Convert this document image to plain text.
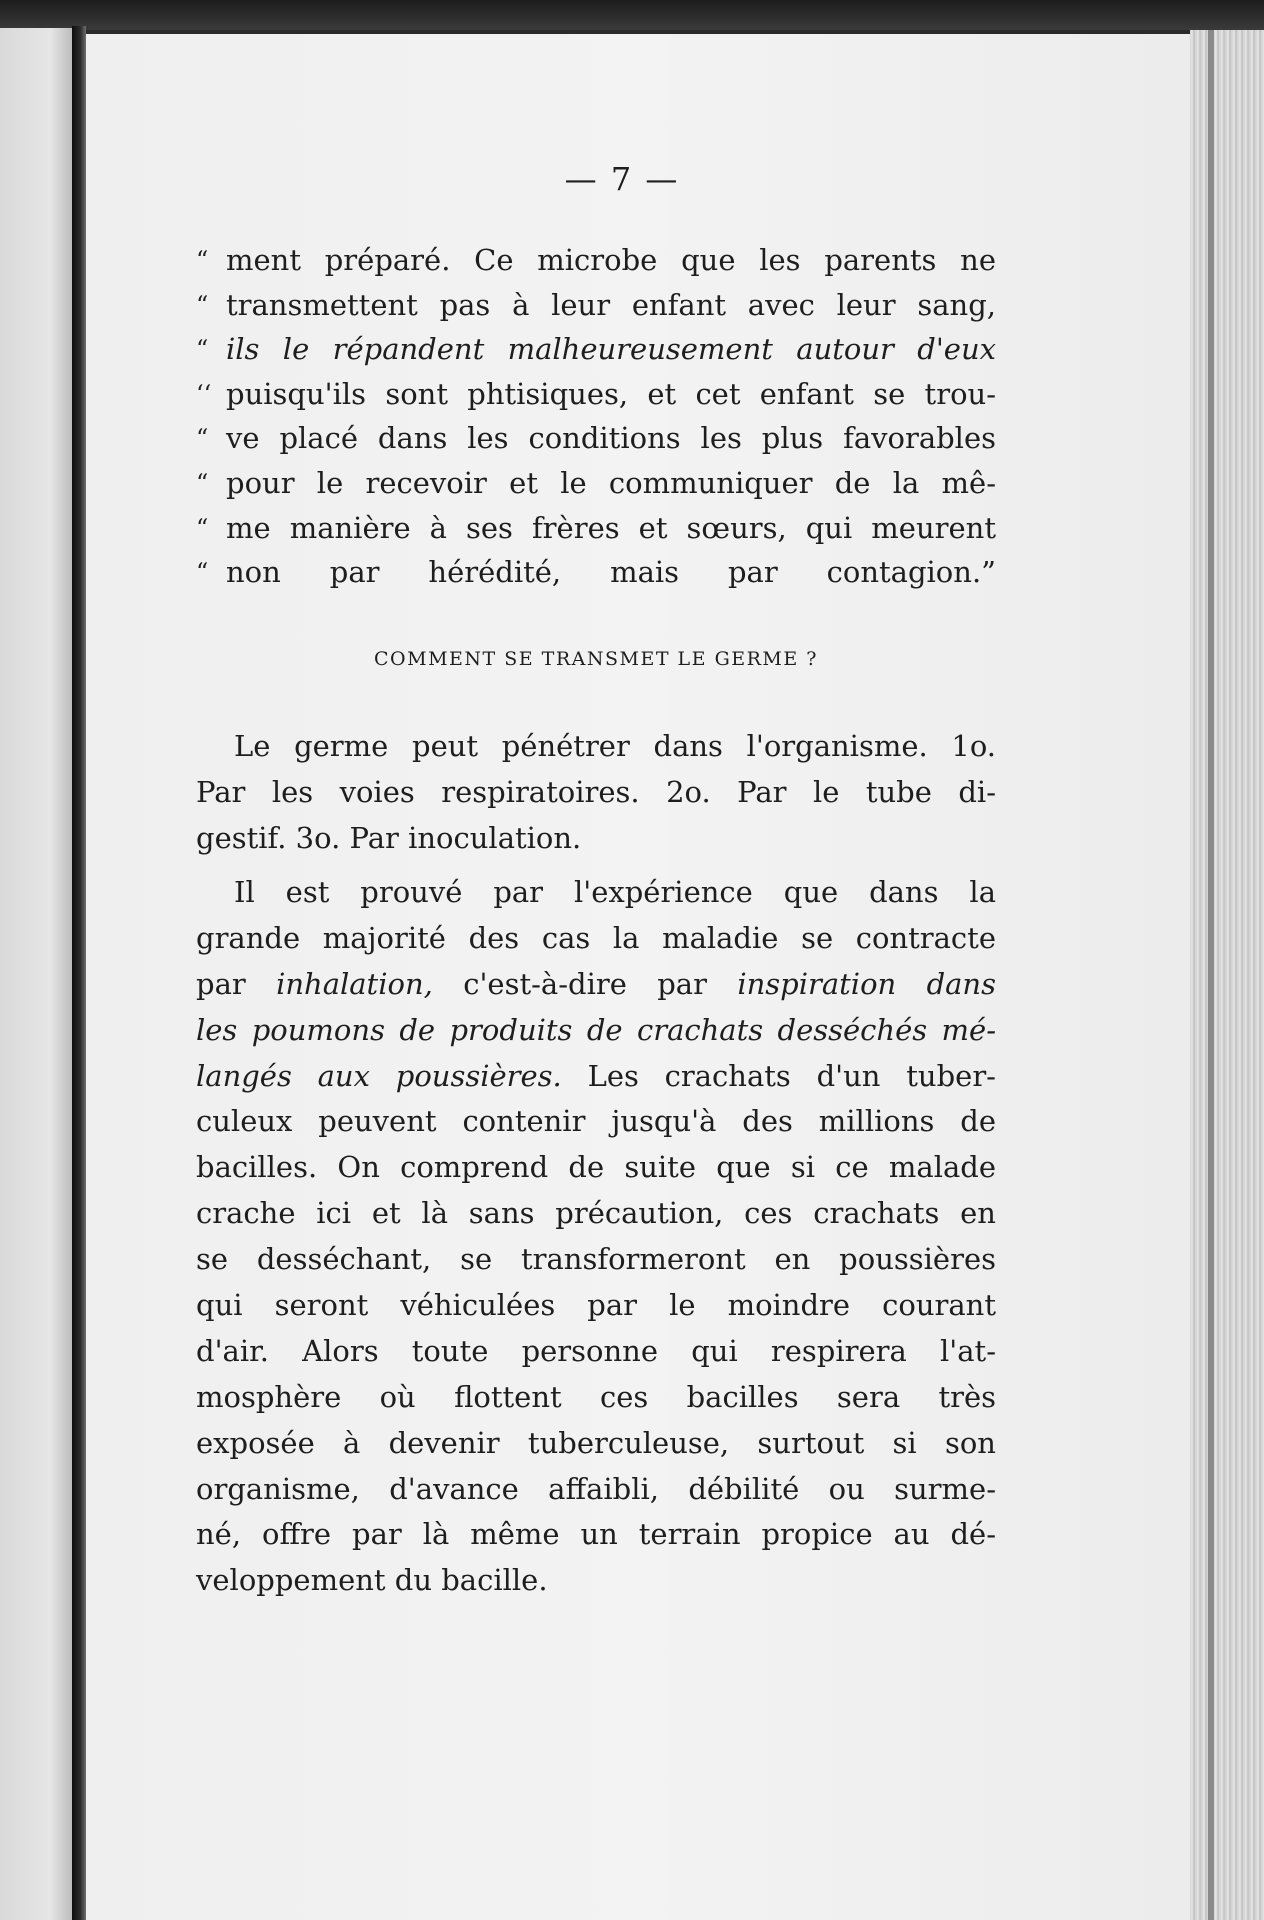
— 7 —
“ ment préparé. Ce microbe que les parents ne
“ transmettent pas à leur enfant avec leur sang,
“ ils le répandent malheureusement autour d'eux
‘‘ puisqu'ils sont phtisiques, et cet enfant se trou-
“ ve placé dans les conditions les plus favorables
“ pour le recevoir et le communiquer de la mê-
“ me manière à ses frères et sœurs, qui meurent
“ non par hérédité, mais par contagion.”
COMMENT SE TRANSMET LE GERME ?
Le germe peut pénétrer dans l'organisme. 1o.
Par les voies respiratoires. 2o. Par le tube di-
gestif. 3o. Par inoculation.
Il est prouvé par l'expérience que dans la
grande majorité des cas la maladie se contracte
par inhalation, c'est-à-dire par inspiration dans
les poumons de produits de crachats desséchés mé-
langés aux poussières. Les crachats d'un tuber-
culeux peuvent contenir jusqu'à des millions de
bacilles. On comprend de suite que si ce malade
crache ici et là sans précaution, ces crachats en
se desséchant, se transformeront en poussières
qui seront véhiculées par le moindre courant
d'air. Alors toute personne qui respirera l'at-
mosphère où flottent ces bacilles sera très
exposée à devenir tuberculeuse, surtout si son
organisme, d'avance affaibli, débilité ou surme-
né, offre par là même un terrain propice au dé-
veloppement du bacille.
